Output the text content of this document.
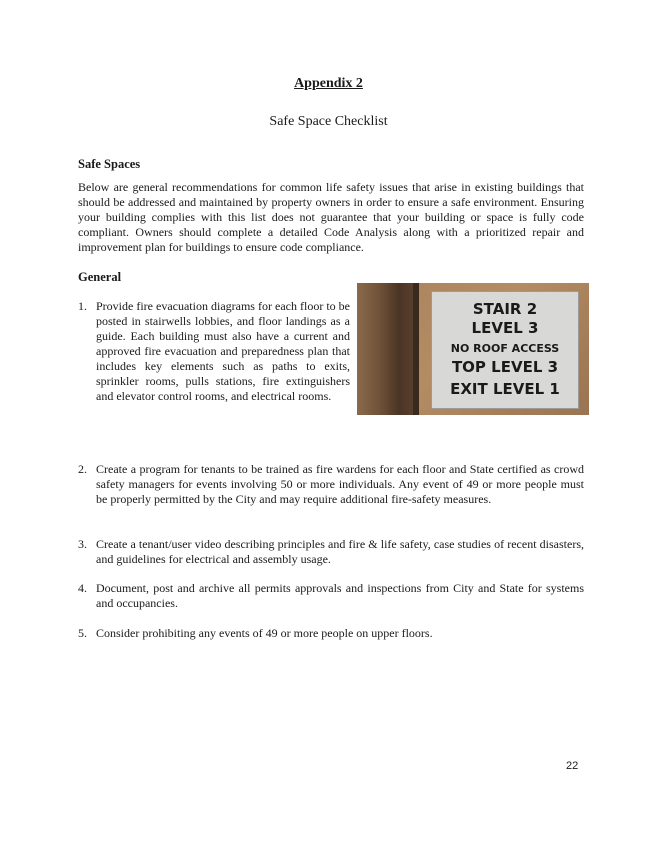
Appendix 2
Safe Space Checklist
Safe Spaces
Below are general recommendations for common life safety issues that arise in existing buildings that should be addressed and maintained by property owners in order to ensure a safe environment. Ensuring your building complies with this list does not guarantee that your building or space is fully code compliant. Owners should complete a detailed Code Analysis along with a prioritized repair and improvement plan for buildings to ensure code compliance.
General
1. Provide fire evacuation diagrams for each floor to be posted in stairwells lobbies, and floor landings as a guide. Each building must also have a current and approved fire evacuation and preparedness plan that includes key elements such as paths to exits, sprinkler rooms, pulls stations, fire extinguishers and elevator control rooms, and electrical rooms.
STAIR 2
LEVEL 3
NO ROOF ACCESS
TOP LEVEL 3
EXIT LEVEL 1
2. Create a program for tenants to be trained as fire wardens for each floor and State certified as crowd safety managers for events involving 50 or more individuals. Any event of 49 or more people must be properly permitted by the City and may require additional fire-safety measures.
3. Create a tenant/user video describing principles and fire & life safety, case studies of recent disasters, and guidelines for electrical and assembly usage.
4. Document, post and archive all permits approvals and inspections from City and State for systems and occupancies.
5. Consider prohibiting any events of 49 or more people on upper floors.
22
